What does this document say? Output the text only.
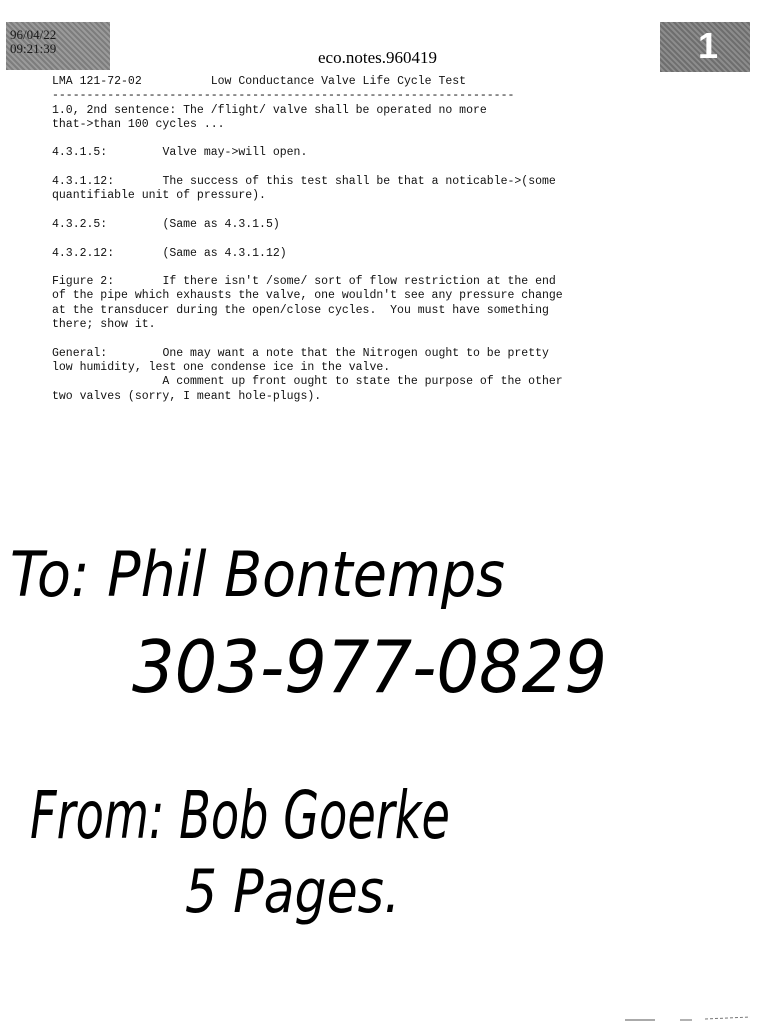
96/04/22
09:21:39	eco.notes.960419	1
LMA 121-72-02	Low Conductance Valve Life Cycle Test
-------------------------------------------------------------------
1.0, 2nd sentence: The /flight/ valve shall be operated no more
that->than 100 cycles ...

4.3.1.5:	Valve may->will open.

4.3.1.12:	The success of this test shall be that a noticable->(some
quantifiable unit of pressure).

4.3.2.5:	(Same as 4.3.1.5)

4.3.2.12:	(Same as 4.3.1.12)

Figure 2:	If there isn't /some/ sort of flow restriction at the end
of the pipe which exhausts the valve, one wouldn't see any pressure change
at the transducer during the open/close cycles.  You must have something
there; show it.

General:	One may want a note that the Nitrogen ought to be pretty
low humidity, lest one condense ice in the valve.
A comment up front ought to state the purpose of the other
two valves (sorry, I meant hole-plugs).
To: Phil Bontemps
303-977-0829
From: Bob Goerke
5 Pages.
